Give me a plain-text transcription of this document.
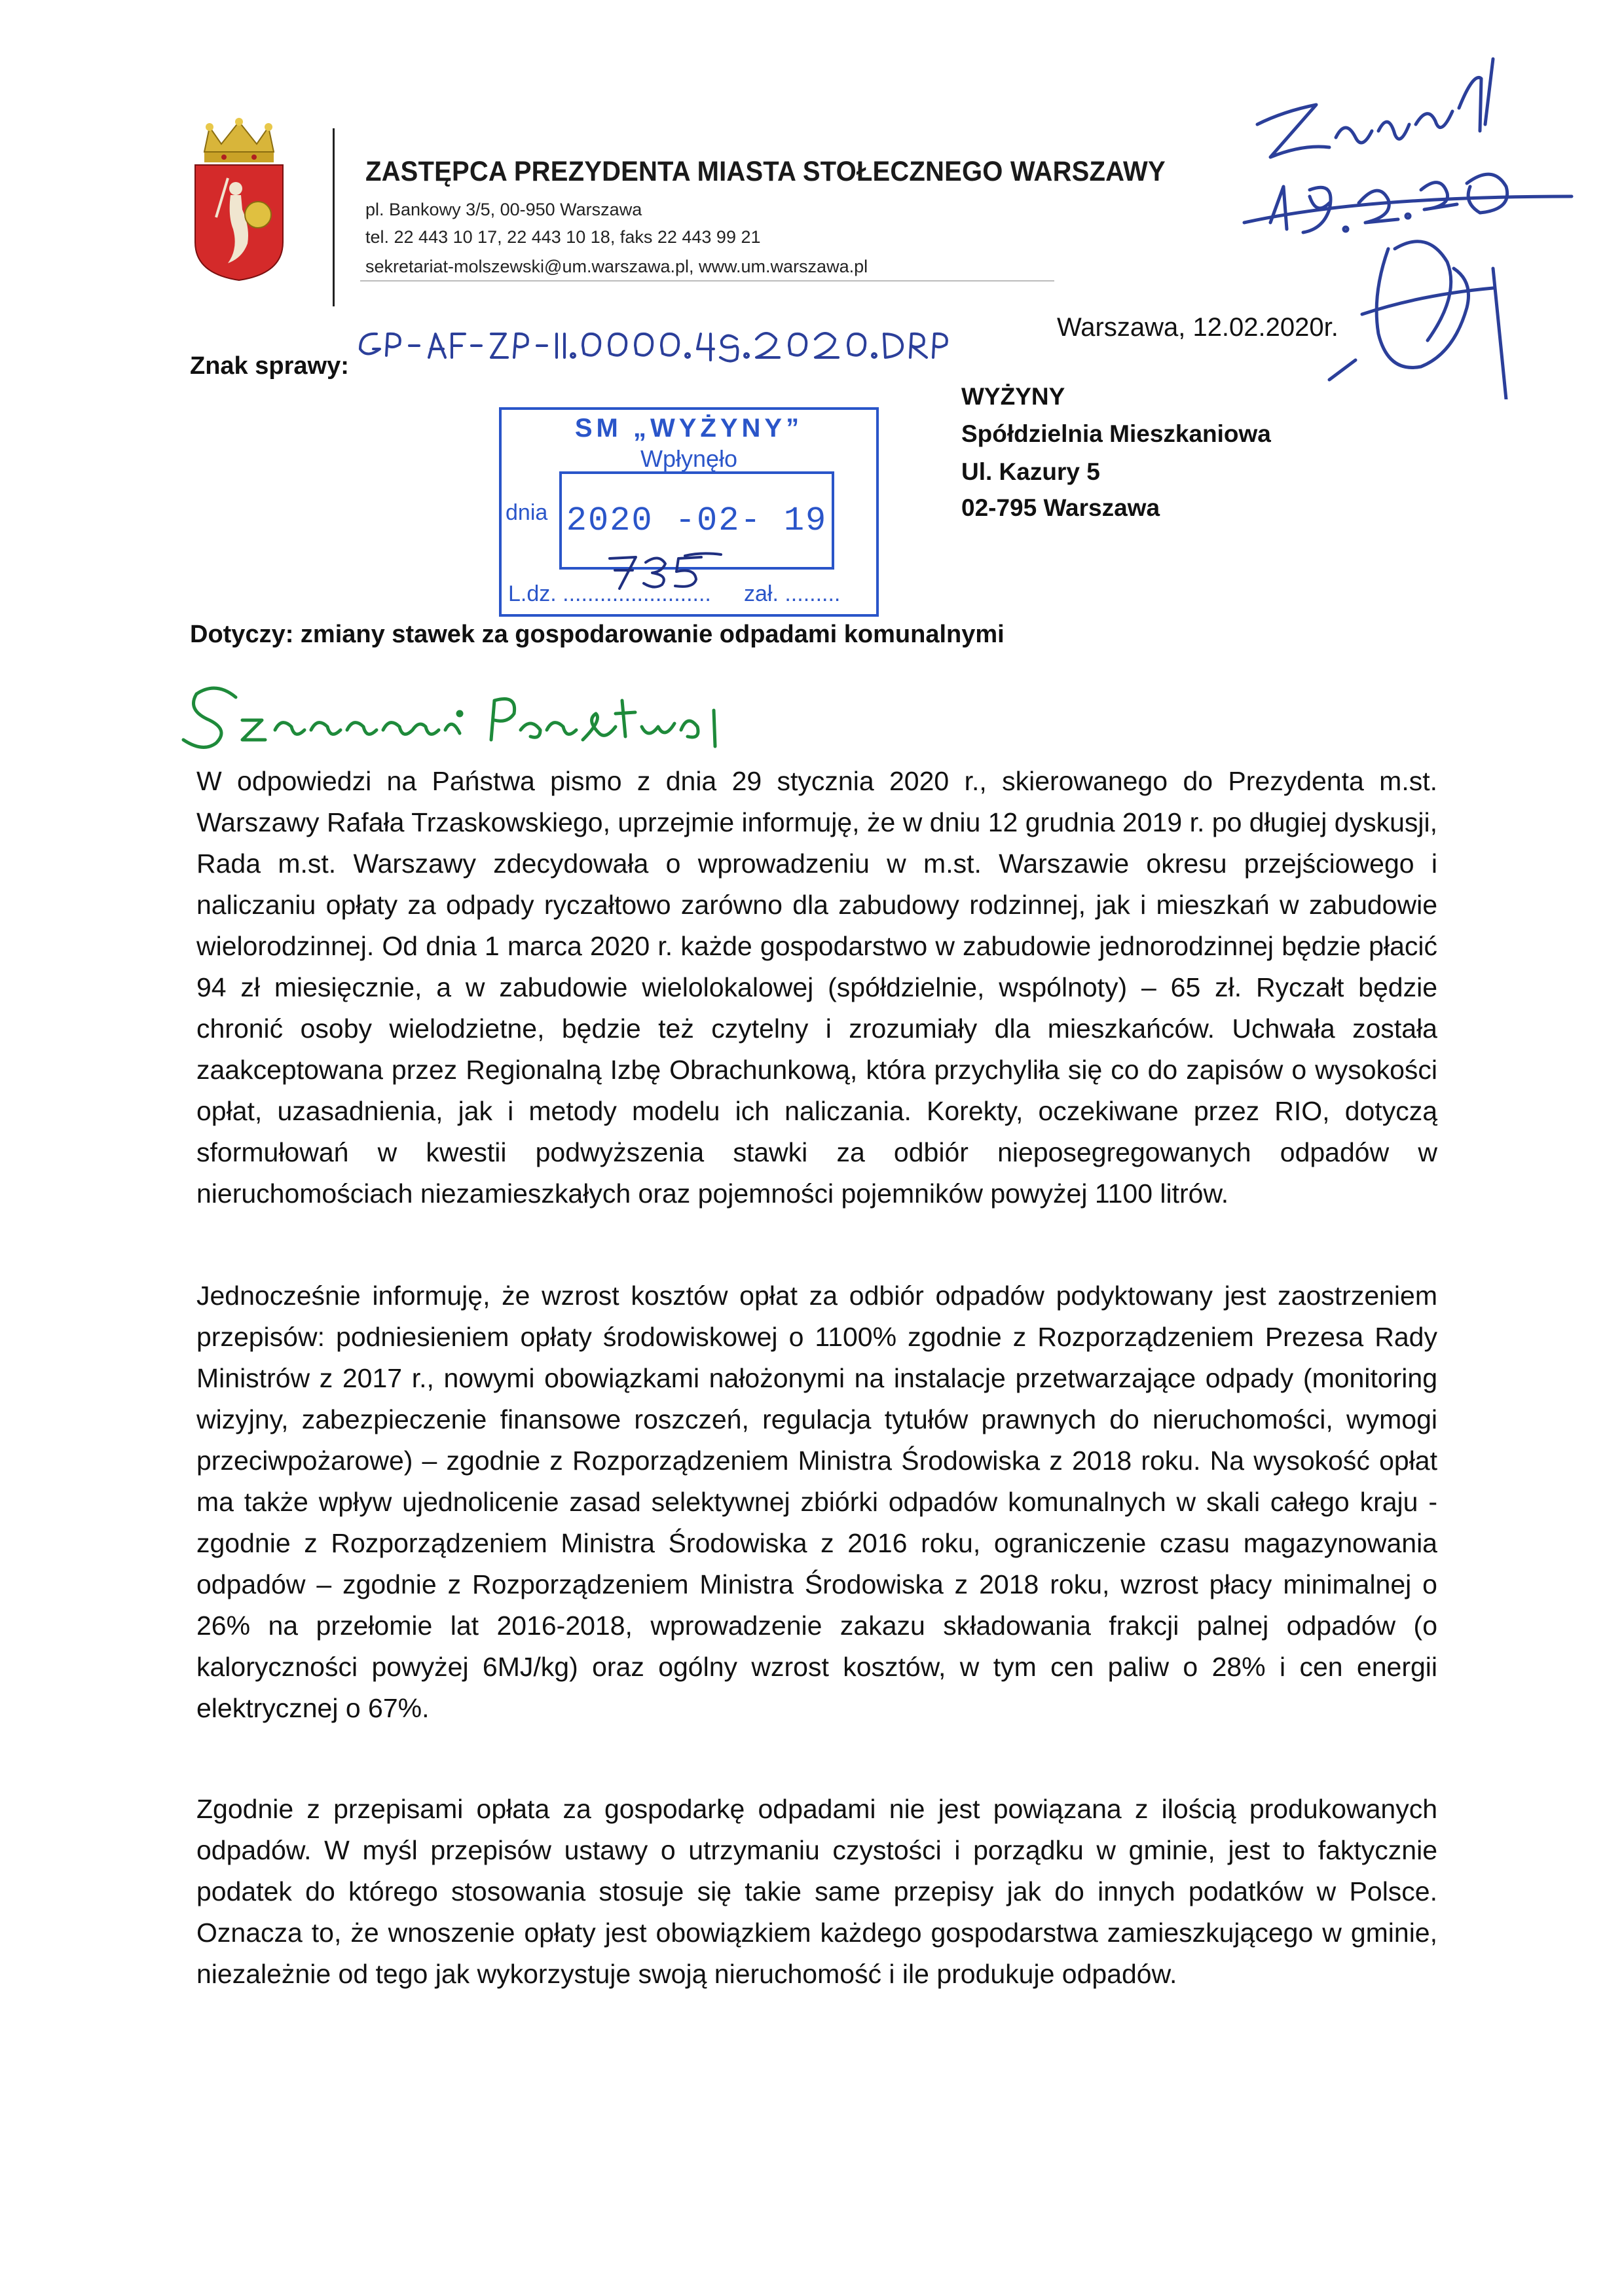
ZASTĘPCA PREZYDENTA MIASTA STOŁECZNEGO WARSZAWY
pl. Bankowy 3/5, 00-950 Warszawa
tel. 22 443 10 17, 22 443 10 18, faks 22 443 99 21
sekretariat-molszewski@um.warszawa.pl, www.um.warszawa.pl
Znak sprawy:
Warszawa, 12.02.2020r.
WYŻYNY
Spółdzielnia Mieszkaniowa
Ul. Kazury 5
02-795 Warszawa
SM „WYŻYNY”
Wpłynęło
dnia 2020 -02- 19
L.dz. ........................ zał. .........
Dotyczy: zmiany stawek za gospodarowanie odpadami komunalnymi
W odpowiedzi na Państwa pismo z dnia 29 stycznia 2020 r., skierowanego do Prezydenta m.st. Warszawy Rafała Trzaskowskiego, uprzejmie informuję, że w dniu 12 grudnia 2019 r. po długiej dyskusji, Rada m.st. Warszawy zdecydowała o wprowadzeniu w m.st. Warszawie okresu przejściowego i naliczaniu opłaty za odpady ryczałtowo zarówno dla zabudowy rodzinnej, jak i mieszkań w zabudowie wielorodzinnej. Od dnia 1 marca 2020 r. każde gospodarstwo w zabudowie jednorodzinnej będzie płacić 94 zł miesięcznie, a w zabudowie wielolokalowej (spółdzielnie, wspólnoty) – 65 zł. Ryczałt będzie chronić osoby wielodzietne, będzie też czytelny i zrozumiały dla mieszkańców. Uchwała została zaakceptowana przez Regionalną Izbę Obrachunkową, która przychyliła się co do zapisów o wysokości opłat, uzasadnienia, jak i metody modelu ich naliczania. Korekty, oczekiwane przez RIO, dotyczą sformułowań w kwestii podwyższenia stawki za odbiór nieposegregowanych odpadów w nieruchomościach niezamieszkałych oraz pojemności pojemników powyżej 1100 litrów.
Jednocześnie informuję, że wzrost kosztów opłat za odbiór odpadów podyktowany jest zaostrzeniem przepisów: podniesieniem opłaty środowiskowej o 1100% zgodnie z Rozporządzeniem Prezesa Rady Ministrów z 2017 r., nowymi obowiązkami nałożonymi na instalacje przetwarzające odpady (monitoring wizyjny, zabezpieczenie finansowe roszczeń, regulacja tytułów prawnych do nieruchomości, wymogi przeciwpożarowe) – zgodnie z Rozporządzeniem Ministra Środowiska z 2018 roku. Na wysokość opłat ma także wpływ ujednolicenie zasad selektywnej zbiórki odpadów komunalnych w skali całego kraju - zgodnie z Rozporządzeniem Ministra Środowiska z 2016 roku, ograniczenie czasu magazynowania odpadów – zgodnie z Rozporządzeniem Ministra Środowiska z 2018 roku, wzrost płacy minimalnej o 26% na przełomie lat 2016-2018, wprowadzenie zakazu składowania frakcji palnej odpadów (o kaloryczności powyżej 6MJ/kg) oraz ogólny wzrost kosztów, w tym cen paliw o 28% i cen energii elektrycznej o 67%.
Zgodnie z przepisami opłata za gospodarkę odpadami nie jest powiązana z ilością produkowanych odpadów. W myśl przepisów ustawy o utrzymaniu czystości i porządku w gminie, jest to faktycznie podatek do którego stosowania stosuje się takie same przepisy jak do innych podatków w Polsce. Oznacza to, że wnoszenie opłaty jest obowiązkiem każdego gospodarstwa zamieszkującego w gminie, niezależnie od tego jak wykorzystuje swoją nieruchomość i ile produkuje odpadów.
